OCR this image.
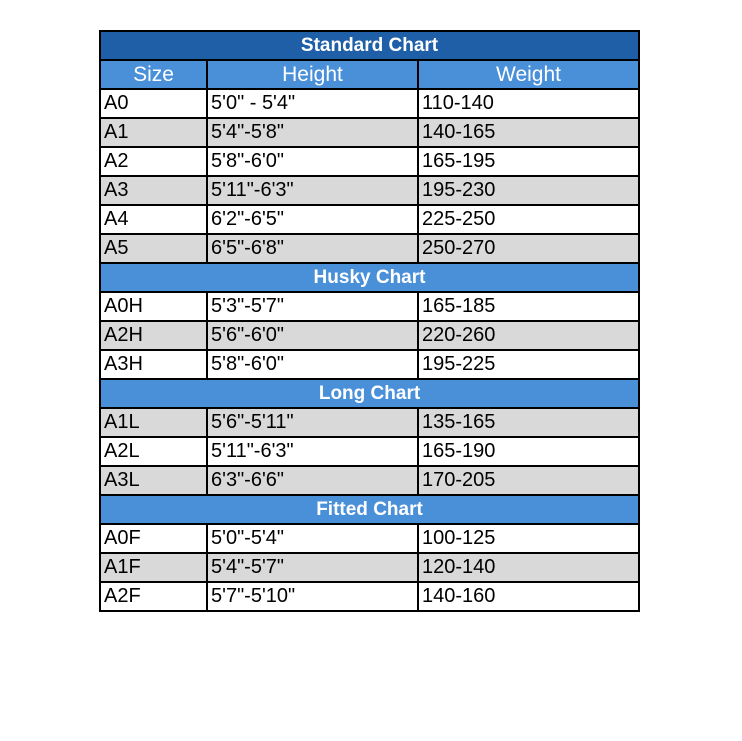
Standard Chart		
Size	Height	Weight
A0	5'0" - 5'4"	110-140
A1	5'4"-5'8"	140-165
A2	5'8"-6'0"	165-195
A3	5'11"-6'3"	195-230
A4	6'2"-6'5"	225-250
A5	6'5"-6'8"	250-270
Husky Chart		
A0H	5'3"-5'7"	165-185
A2H	5'6"-6'0"	220-260
A3H	5'8"-6'0"	195-225
Long Chart		
A1L	5'6"-5'11"	135-165
A2L	5'11"-6'3"	165-190
A3L	6'3"-6'6"	170-205
Fitted Chart		
A0F	5'0"-5'4"	100-125
A1F	5'4"-5'7"	120-140
A2F	5'7"-5'10"	140-160
